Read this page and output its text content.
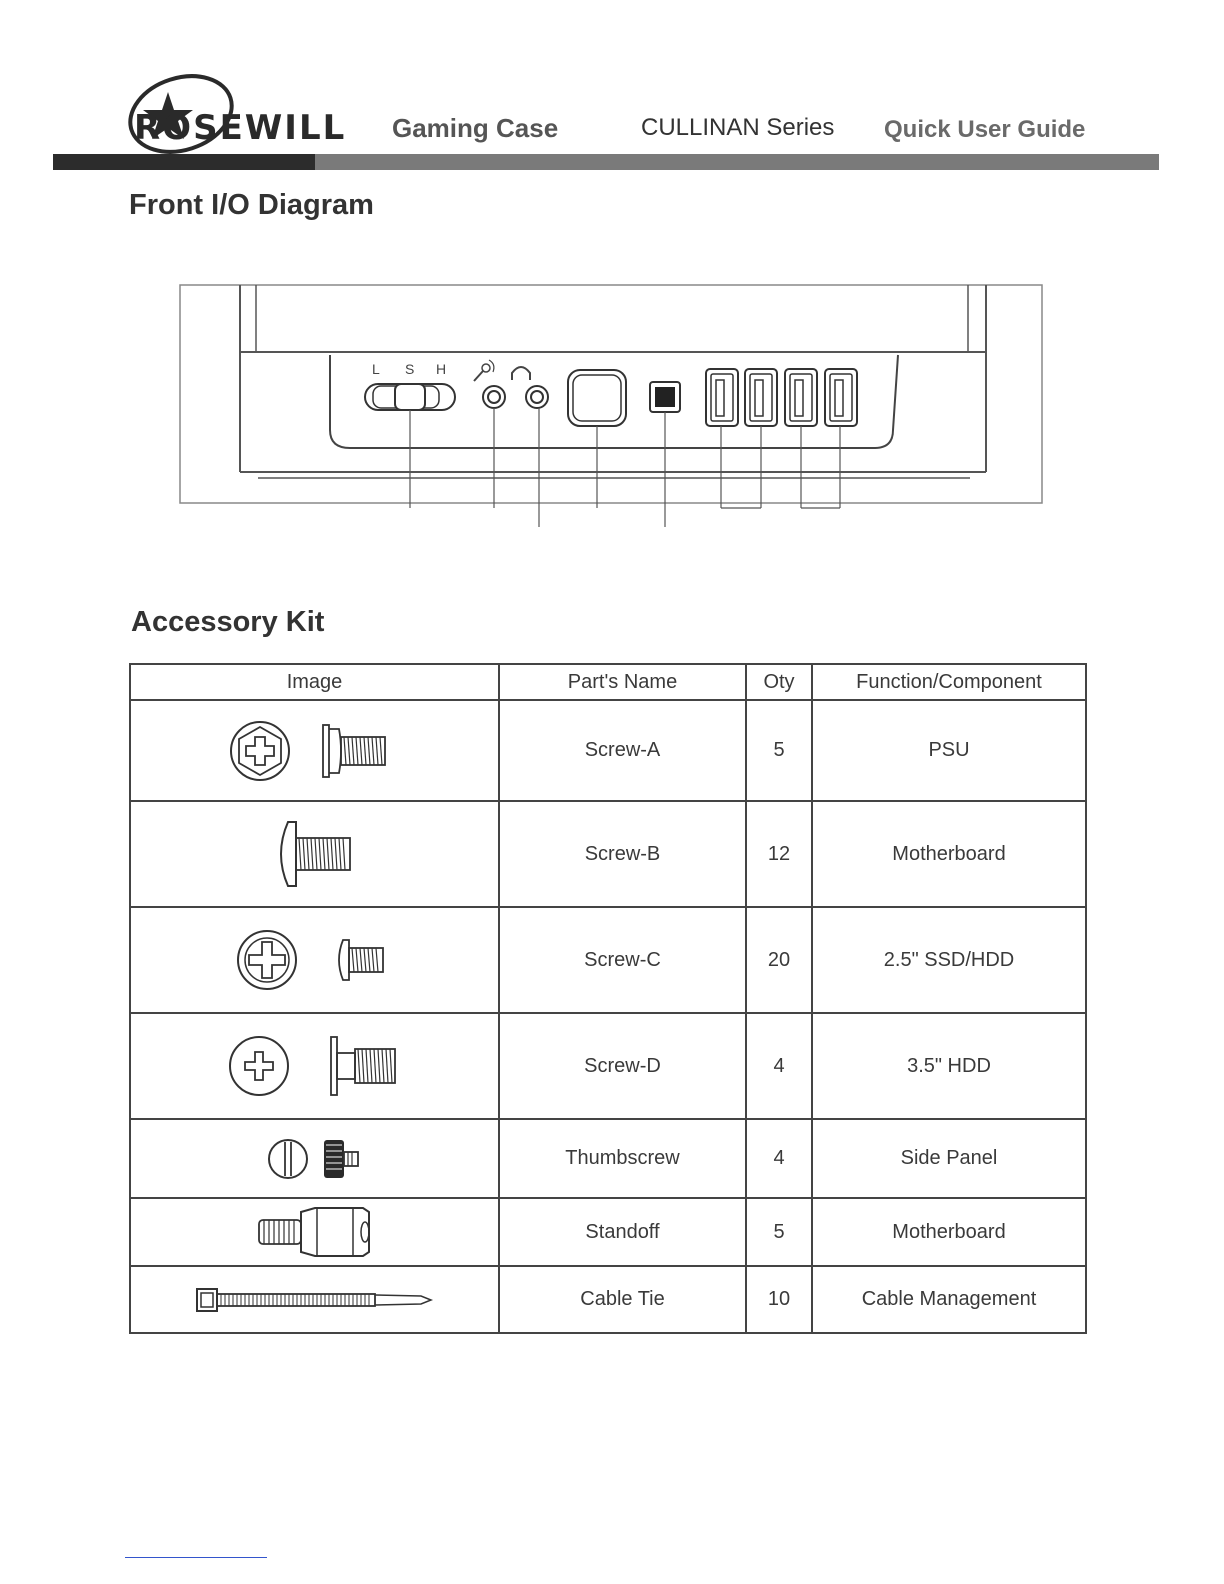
ROSEWILL Gaming Case	CULLINAN Series Quick User Guide
Front I/O Diagram
L S H
Accessory Kit
Image	Part's Name	Oty	Function/Component

	Screw-A	5	PSU

	Screw-B	12	Motherboard

	Screw-C	20	2.5" SSD/HDD

	Screw-D	4	3.5" HDD

	Thumbscrew	4	Side Panel

	Standoff	5	Motherboard

	Cable Tie	10	Cable Management
